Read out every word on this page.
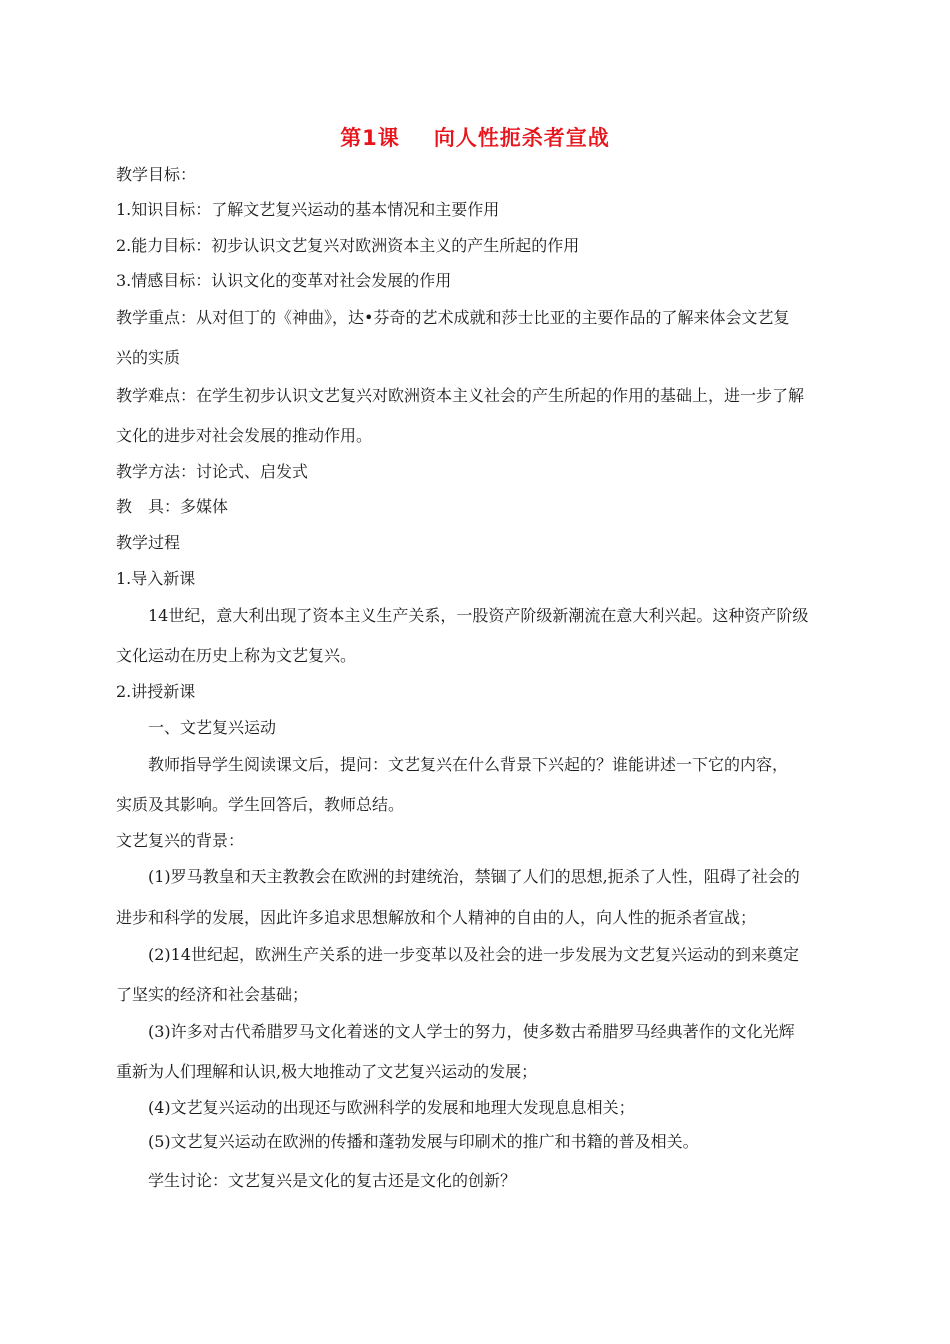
第1课 向人性扼杀者宣战
教学目标：
1.知识目标：了解文艺复兴运动的基本情况和主要作用
2.能力目标：初步认识文艺复兴对欧洲资本主义的产生所起的作用
3.情感目标：认识文化的变革对社会发展的作用
教学重点：从对但丁的《神曲》，达•芬奇的艺术成就和莎士比亚的主要作品的了解来体会文艺复
兴的实质
教学难点：在学生初步认识文艺复兴对欧洲资本主义社会的产生所起的作用的基础上，进一步了解
文化的进步对社会发展的推动作用。
教学方法：讨论式、启发式
教　具：多媒体
教学过程
1.导入新课
14世纪，意大利出现了资本主义生产关系，一股资产阶级新潮流在意大利兴起。这种资产阶级
文化运动在历史上称为文艺复兴。
2.讲授新课
一、文艺复兴运动
教师指导学生阅读课文后，提问：文艺复兴在什么背景下兴起的？谁能讲述一下它的内容，
实质及其影响。学生回答后，教师总结。
文艺复兴的背景：
(1)罗马教皇和天主教教会在欧洲的封建统治，禁锢了人们的思想,扼杀了人性，阻碍了社会的
进步和科学的发展，因此许多追求思想解放和个人精神的自由的人，向人性的扼杀者宣战；
(2)14世纪起，欧洲生产关系的进一步变革以及社会的进一步发展为文艺复兴运动的到来奠定
了坚实的经济和社会基础；
(3)许多对古代希腊罗马文化着迷的文人学士的努力，使多数古希腊罗马经典著作的文化光辉
重新为人们理解和认识,极大地推动了文艺复兴运动的发展；
(4)文艺复兴运动的出现还与欧洲科学的发展和地理大发现息息相关；
(5)文艺复兴运动在欧洲的传播和蓬勃发展与印刷术的推广和书籍的普及相关。
学生讨论：文艺复兴是文化的复古还是文化的创新？
